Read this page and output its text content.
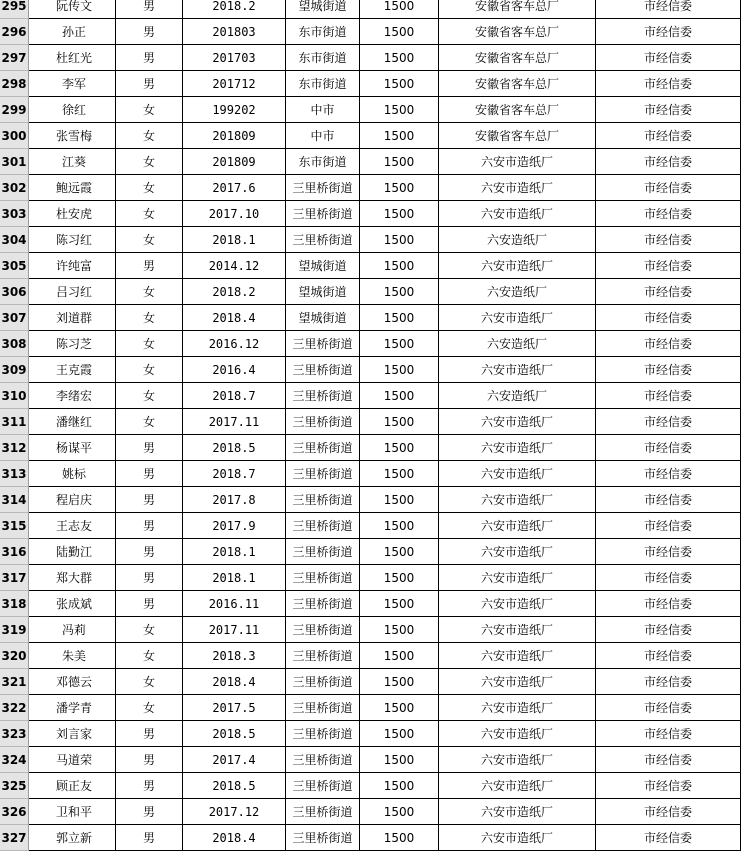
295	阮传文	男	2018.2	望城街道	1500	安徽省客车总厂	市经信委
296	孙正	男	201803	东市街道	1500	安徽省客车总厂	市经信委
297	杜红光	男	201703	东市街道	1500	安徽省客车总厂	市经信委
298	李军	男	201712	东市街道	1500	安徽省客车总厂	市经信委
299	徐红	女	199202	中市	1500	安徽省客车总厂	市经信委
300	张雪梅	女	201809	中市	1500	安徽省客车总厂	市经信委
301	江葵	女	201809	东市街道	1500	六安市造纸厂	市经信委
302	鲍远霞	女	2017.6	三里桥街道	1500	六安市造纸厂	市经信委
303	杜安虎	女	2017.10	三里桥街道	1500	六安市造纸厂	市经信委
304	陈习红	女	2018.1	三里桥街道	1500	六安造纸厂	市经信委
305	许纯富	男	2014.12	望城街道	1500	六安市造纸厂	市经信委
306	吕习红	女	2018.2	望城街道	1500	六安造纸厂	市经信委
307	刘道群	女	2018.4	望城街道	1500	六安市造纸厂	市经信委
308	陈习芝	女	2016.12	三里桥街道	1500	六安造纸厂	市经信委
309	王克霞	女	2016.4	三里桥街道	1500	六安市造纸厂	市经信委
310	李绪宏	女	2018.7	三里桥街道	1500	六安造纸厂	市经信委
311	潘继红	女	2017.11	三里桥街道	1500	六安市造纸厂	市经信委
312	杨谋平	男	2018.5	三里桥街道	1500	六安市造纸厂	市经信委
313	姚标	男	2018.7	三里桥街道	1500	六安市造纸厂	市经信委
314	程启庆	男	2017.8	三里桥街道	1500	六安市造纸厂	市经信委
315	王志友	男	2017.9	三里桥街道	1500	六安市造纸厂	市经信委
316	陆勤江	男	2018.1	三里桥街道	1500	六安市造纸厂	市经信委
317	郑大群	男	2018.1	三里桥街道	1500	六安市造纸厂	市经信委
318	张成斌	男	2016.11	三里桥街道	1500	六安市造纸厂	市经信委
319	冯莉	女	2017.11	三里桥街道	1500	六安市造纸厂	市经信委
320	朱美	女	2018.3	三里桥街道	1500	六安市造纸厂	市经信委
321	邓德云	女	2018.4	三里桥街道	1500	六安市造纸厂	市经信委
322	潘学青	女	2017.5	三里桥街道	1500	六安市造纸厂	市经信委
323	刘言家	男	2018.5	三里桥街道	1500	六安市造纸厂	市经信委
324	马道荣	男	2017.4	三里桥街道	1500	六安市造纸厂	市经信委
325	顾正友	男	2018.5	三里桥街道	1500	六安市造纸厂	市经信委
326	卫和平	男	2017.12	三里桥街道	1500	六安市造纸厂	市经信委
327	郭立新	男	2018.4	三里桥街道	1500	六安市造纸厂	市经信委
